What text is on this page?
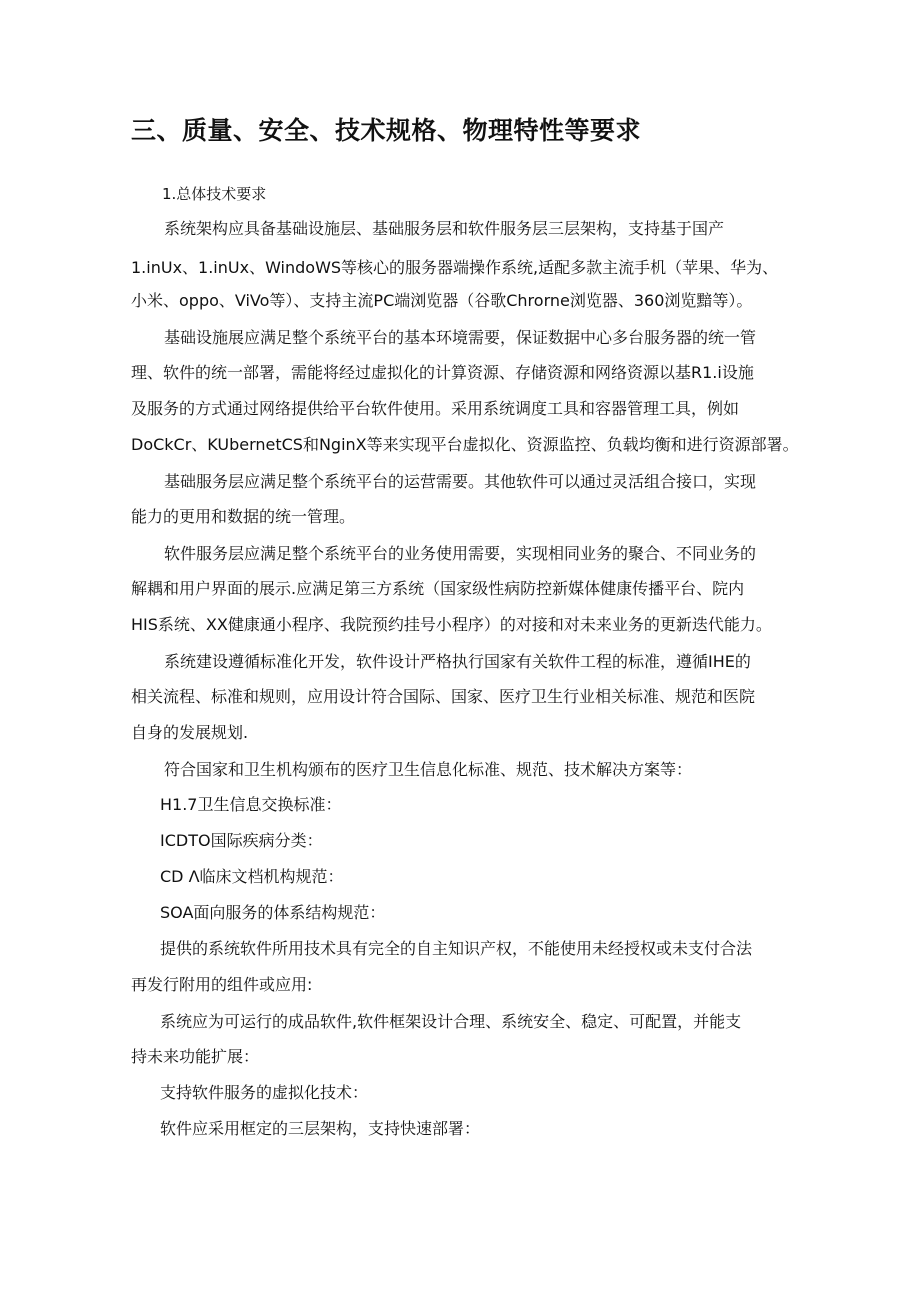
三、质量、安全、技术规格、物理特性等要求
1.总体技术要求
系统架构应具备基础设施层、基础服务层和软件服务层三层架构，支持基于国产
1.inUx、1.inUx、WindoWS等核心的服务器端操作系统,适配多款主流手机（苹果、华为、
小米、oppo、ViVo等）、支持主流PC端浏览器（谷歌Chrorne浏览器、360浏览黯等）。
基础设施展应满足整个系统平台的基本环境需要，保证数据中心多台服务器的统一管
理、软件的统一部署，需能将经过虚拟化的计算资源、存储资源和网络资源以基R1.i设施
及服务的方式通过网络提供给平台软件使用。采用系统调度工具和容器管理工具，例如
DoCkCr、KUbernetCS和NginX等来实现平台虚拟化、资源监控、负载均衡和进行资源部署。
基础服务层应满足整个系统平台的运营需要。其他软件可以通过灵活组合接口，实现
能力的更用和数据的统一管理。
软件服务层应满足整个系统平台的业务使用需要，实现相同业务的聚合、不同业务的
解耦和用户界面的展示.应满足第三方系统（国家级性病防控新媒体健康传播平台、院内
HIS系统、XX健康通小程序、我院预约挂号小程序）的对接和对未来业务的更新迭代能力。
系统建设遵循标准化开发，软件设计严格执行国家有关软件工程的标准，遵循IHE的
相关流程、标准和规则，应用设计符合国际、国家、医疗卫生行业相关标准、规范和医院
自身的发展规划.
符合国家和卫生机构颁布的医疗卫生信息化标准、规范、技术解决方案等：
H1.7卫生信息交换标准：
ICDTO国际疾病分类：
CD Λ临床文档机构规范：
SOA面向服务的体系结构规范：
提供的系统软件所用技术具有完全的自主知识产权，不能使用未经授权或未支付合法
再发行附用的组件或应用:
系统应为可运行的成品软件,软件框架设计合理、系统安全、稳定、可配置，并能支
持未来功能扩展：
支持软件服务的虚拟化技术：
软件应采用框定的三层架构，支持快速部署：
